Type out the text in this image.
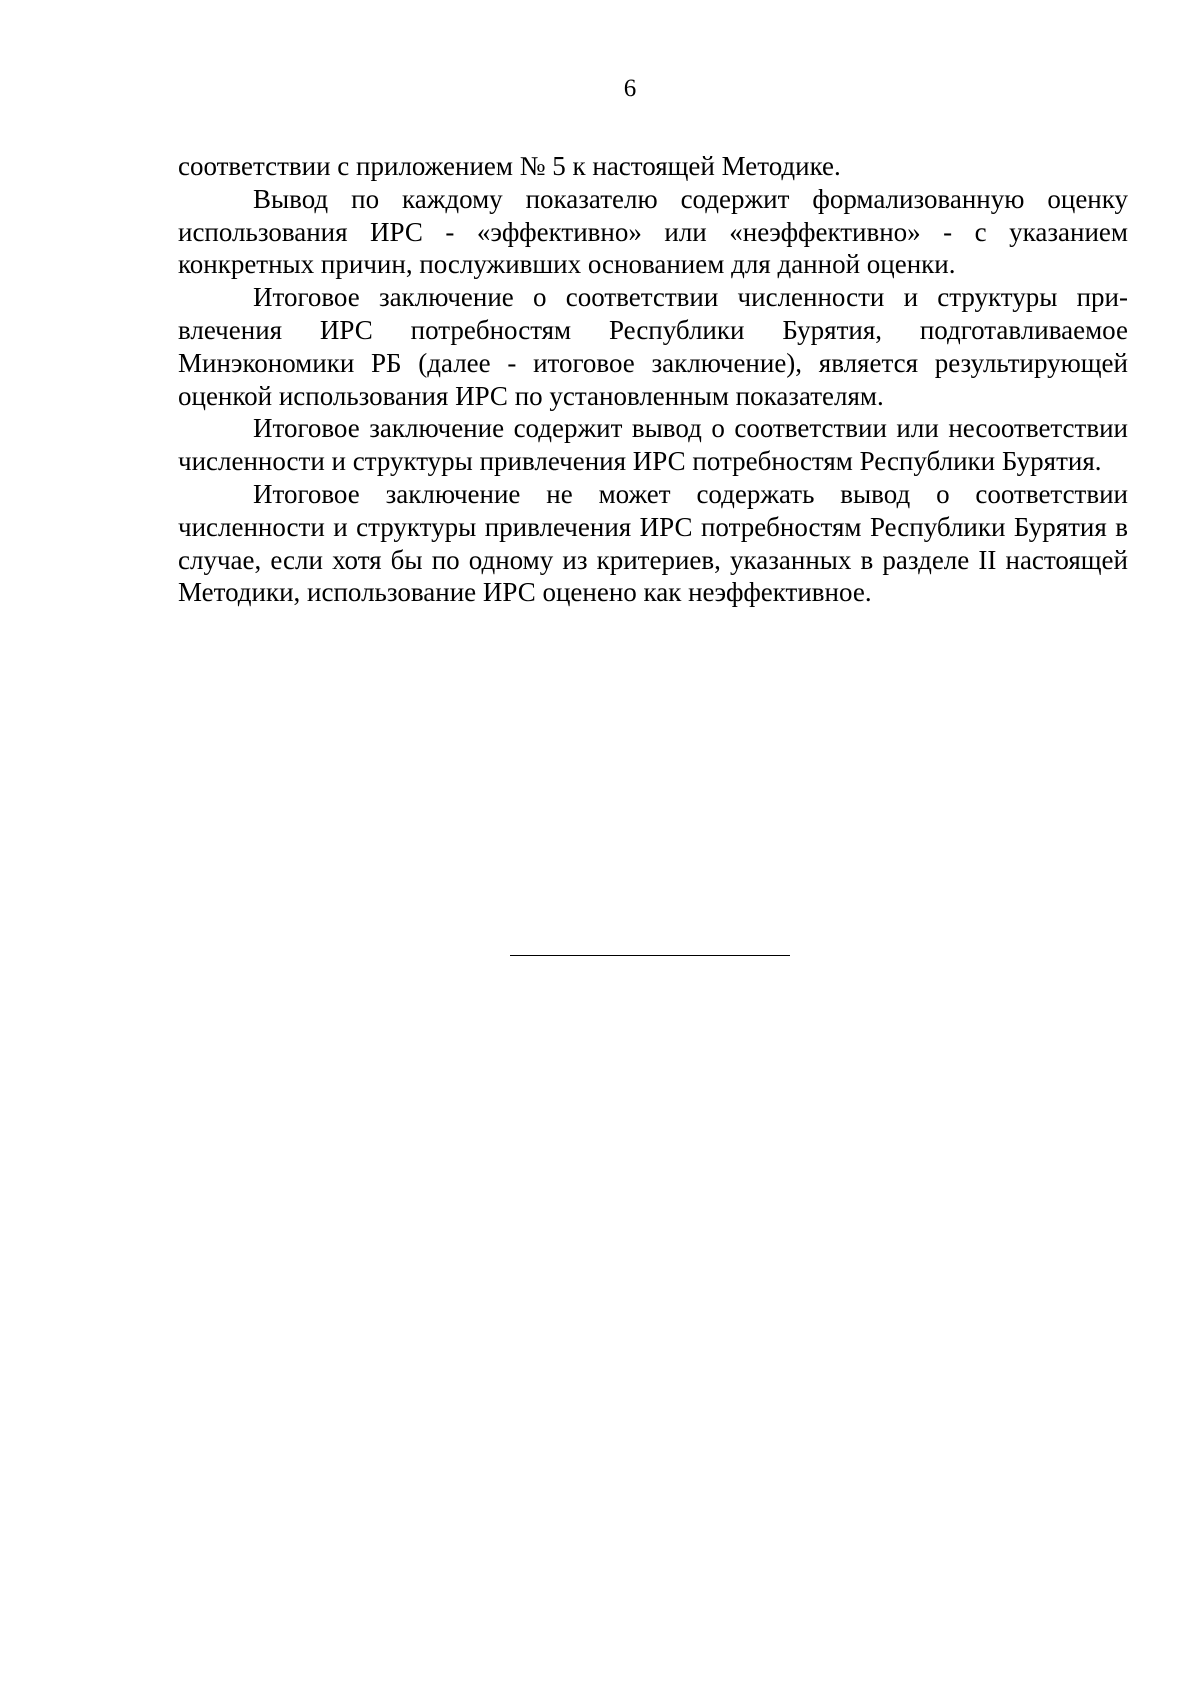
6

соответствии с приложением № 5 к настоящей Методике.

Вывод по каждому показателю содержит формализованную оценку использования ИРС - «эффективно» или «неэффективно» - с указанием конкретных причин, послуживших основанием для данной оценки.

Итоговое заключение о соответствии численности и структуры привлечения ИРС потребностям Республики Бурятия, подготавливаемое Минэкономики РБ (далее - итоговое заключение), является результирующей оценкой использования ИРС по установленным показателям.

Итоговое заключение содержит вывод о соответствии или несоответствии численности и структуры привлечения ИРС потребностям Республики Бурятия.

Итоговое заключение не может содержать вывод о соответствии численности и структуры привлечения ИРС потребностям Республики Бурятия в случае, если хотя бы по одному из критериев, указанных в разделе II настоящей Методики, использование ИРС оценено как неэффективное.
